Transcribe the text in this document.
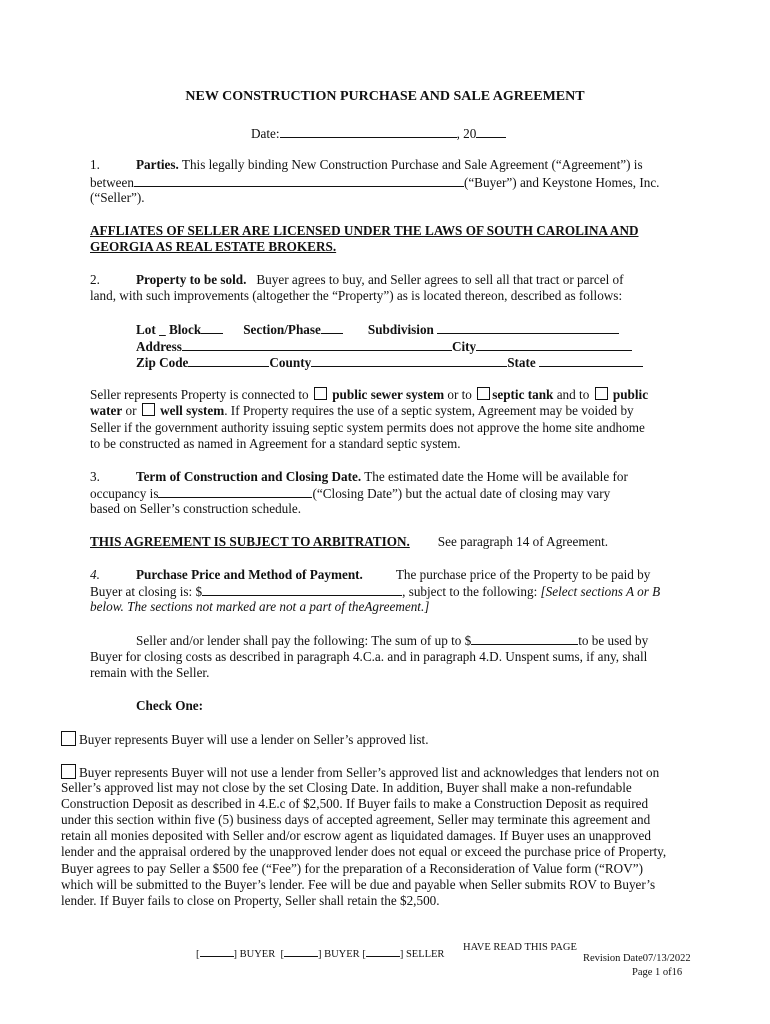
NEW CONSTRUCTION PURCHASE AND SALE AGREEMENT
Date:	, 20
1.	Parties. This legally binding New Construction Purchase and Sale Agreement (“Agreement”) is
between	(“Buyer”) and Keystone Homes, Inc.
(“Seller”).
AFFLIATES OF SELLER ARE LICENSED UNDER THE LAWS OF SOUTH CAROLINA AND
GEORGIA AS REAL ESTATE BROKERS.
2.	Property to be sold. Buyer agrees to buy, and Seller agrees to sell all that tract or parcel of
land, with such improvements (altogether the “Property”) as is located thereon, described as follows:
Lot _ Block	Section/Phase	Subdivision
Address	City
Zip Code	County	State
Seller represents Property is connected to public sewer system or to septic tank and to public
water or well system. If Property requires the use of a septic system, Agreement may be voided by
Seller if the government authority issuing septic system permits does not approve the home site andhome
to be constructed as named in Agreement for a standard septic system.
3.	Term of Construction and Closing Date. The estimated date the Home will be available for
occupancy is	(“Closing Date”) but the actual date of closing may vary
based on Seller’s construction schedule.
THIS AGREEMENT IS SUBJECT TO ARBITRATION. See paragraph 14 of Agreement.
4.	Purchase Price and Method of Payment.	The purchase price of the Property to be paid by
Buyer at closing is: $	, subject to the following: [Select sections A or B
below. The sections not marked are not a part of theAgreement.]
Seller and/or lender shall pay the following: The sum of up to $	to be used by
Buyer for closing costs as described in paragraph 4.C.a. and in paragraph 4.D. Unspent sums, if any, shall
remain with the Seller.
Check One:
Buyer represents Buyer will use a lender on Seller’s approved list.
Buyer represents Buyer will not use a lender from Seller’s approved list and acknowledges that lenders not on
Seller’s approved list may not close by the set Closing Date. In addition, Buyer shall make a non-refundable
Construction Deposit as described in 4.E.c of $2,500. If Buyer fails to make a Construction Deposit as required
under this section within five (5) business days of accepted agreement, Seller may terminate this agreement and
retain all monies deposited with Seller and/or escrow agent as liquidated damages. If Buyer uses an unapproved
lender and the appraisal ordered by the unapproved lender does not equal or exceed the purchase price of Property,
Buyer agrees to pay Seller a $500 fee (“Fee”) for the preparation of a Reconsideration of Value form (“ROV”)
which will be submitted to the Buyer’s lender. Fee will be due and payable when Seller submits ROV to Buyer’s
lender. If Buyer fails to close on Property, Seller shall retain the $2,500.
[	] BUYER  [	] BUYER [	] SELLER
HAVE READ THIS PAGE
Revision Date07/13/2022
Page 1 of16
